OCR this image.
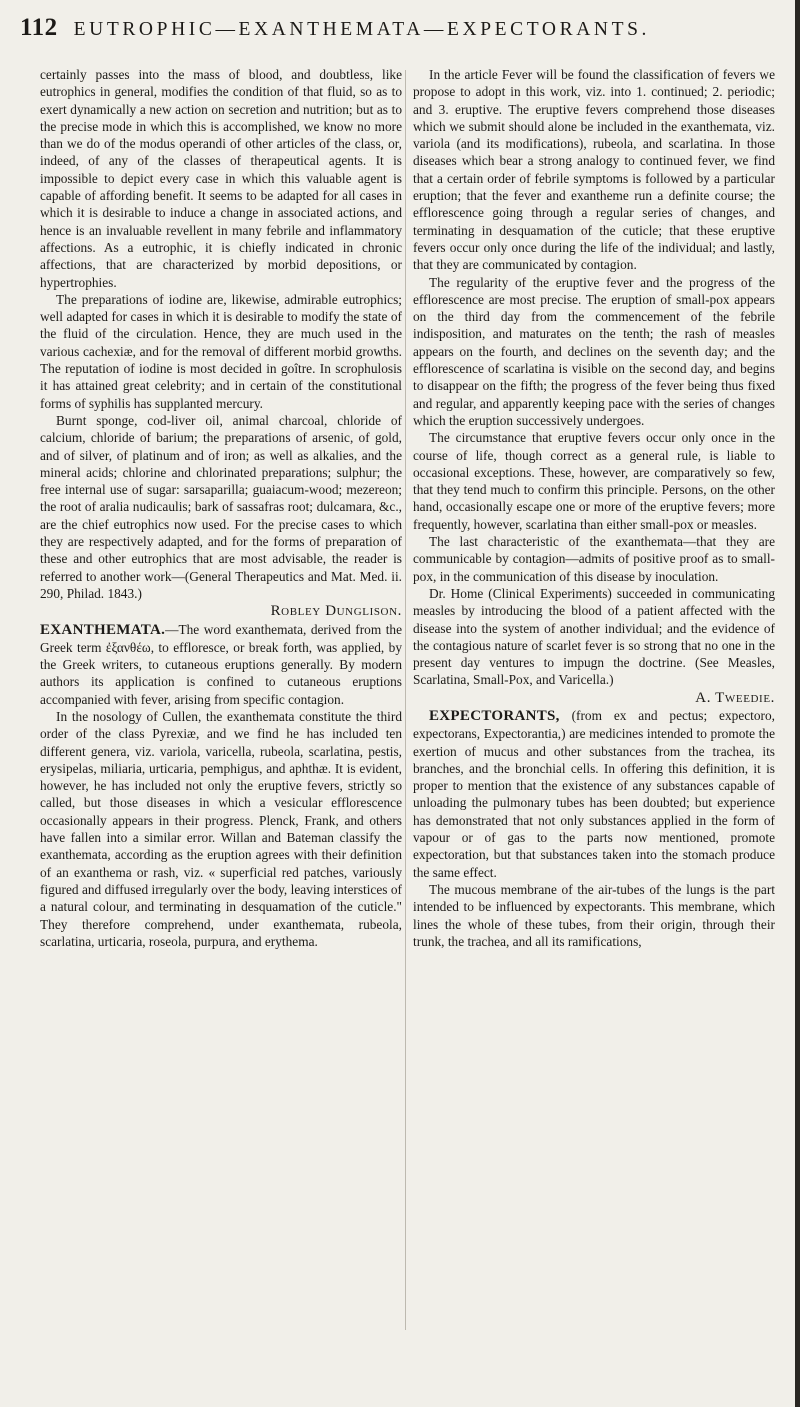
112 EUTROPHIC—EXANTHEMATA—EXPECTORANTS.

certainly passes into the mass of blood, and doubtless, like eutrophics in general, modifies the condition of that fluid, so as to exert dynamically a new action on secretion and nutrition; but as to the precise mode in which this is accomplished, we know no more than we do of the modus operandi of other articles of the class, or, indeed, of any of the classes of therapeutical agents. It is impossible to depict every case in which this valuable agent is capable of affording benefit. It seems to be adapted for all cases in which it is desirable to induce a change in associated actions, and hence is an invaluable revellent in many febrile and inflammatory affections. As a eutrophic, it is chiefly indicated in chronic affections, that are characterized by morbid depositions, or hypertrophies.

The preparations of iodine are, likewise, admirable eutrophics; well adapted for cases in which it is desirable to modify the state of the fluid of the circulation. Hence, they are much used in the various cachexiæ, and for the removal of different morbid growths. The reputation of iodine is most decided in goître. In scrophulosis it has attained great celebrity; and in certain of the constitutional forms of syphilis has supplanted mercury.

Burnt sponge, cod-liver oil, animal charcoal, chloride of calcium, chloride of barium; the preparations of arsenic, of gold, and of silver, of platinum and of iron; as well as alkalies, and the mineral acids; chlorine and chlorinated preparations; sulphur; the free internal use of sugar: sarsaparilla; guaiacum-wood; mezereon; the root of aralia nudicaulis; bark of sassafras root; dulcamara, &c., are the chief eutrophics now used. For the precise cases to which they are respectively adapted, and for the forms of preparation of these and other eutrophics that are most advisable, the reader is referred to another work—(General Therapeutics and Mat. Med. ii. 290, Philad. 1843.)

Robley Dunglison.

EXANTHEMATA.—The word exanthemata, derived from the Greek term ἐξανθέω, to effloresce, or break forth, was applied, by the Greek writers, to cutaneous eruptions generally. By modern authors its application is confined to cutaneous eruptions accompanied with fever, arising from specific contagion.

In the nosology of Cullen, the exanthemata constitute the third order of the class Pyrexiæ, and we find he has included ten different genera, viz. variola, varicella, rubeola, scarlatina, pestis, erysipelas, miliaria, urticaria, pemphigus, and aphthæ. It is evident, however, he has included not only the eruptive fevers, strictly so called, but those diseases in which a vesicular efflorescence occasionally appears in their progress. Plenck, Frank, and others have fallen into a similar error. Willan and Bateman classify the exanthemata, according as the eruption agrees with their definition of an exanthema or rash, viz. « superficial red patches, variously figured and diffused irregularly over the body, leaving interstices of a natural colour, and terminating in desquamation of the cuticle." They therefore comprehend, under exanthemata, rubeola, scarlatina, urticaria, roseola, purpura, and erythema.

In the article Fever will be found the classification of fevers we propose to adopt in this work, viz. into 1. continued; 2. periodic; and 3. eruptive. The eruptive fevers comprehend those diseases which we submit should alone be included in the exanthemata, viz. variola (and its modifications), rubeola, and scarlatina. In those diseases which bear a strong analogy to continued fever, we find that a certain order of febrile symptoms is followed by a particular eruption; that the fever and exantheme run a definite course; the efflorescence going through a regular series of changes, and terminating in desquamation of the cuticle; that these eruptive fevers occur only once during the life of the individual; and lastly, that they are communicated by contagion.

The regularity of the eruptive fever and the progress of the efflorescence are most precise. The eruption of small-pox appears on the third day from the commencement of the febrile indisposition, and maturates on the tenth; the rash of measles appears on the fourth, and declines on the seventh day; and the efflorescence of scarlatina is visible on the second day, and begins to disappear on the fifth; the progress of the fever being thus fixed and regular, and apparently keeping pace with the series of changes which the eruption successively undergoes.

The circumstance that eruptive fevers occur only once in the course of life, though correct as a general rule, is liable to occasional exceptions. These, however, are comparatively so few, that they tend much to confirm this principle. Persons, on the other hand, occasionally escape one or more of the eruptive fevers; more frequently, however, scarlatina than either small-pox or measles.

The last characteristic of the exanthemata—that they are communicable by contagion—admits of positive proof as to small-pox, in the communication of this disease by inoculation.

Dr. Home (Clinical Experiments) succeeded in communicating measles by introducing the blood of a patient affected with the disease into the system of another individual; and the evidence of the contagious nature of scarlet fever is so strong that no one in the present day ventures to impugn the doctrine. (See Measles, Scarlatina, Small-Pox, and Varicella.)

A. Tweedie.

EXPECTORANTS, (from ex and pectus; expectoro, expectorans, Expectorantia,) are medicines intended to promote the exertion of mucus and other substances from the trachea, its branches, and the bronchial cells. In offering this definition, it is proper to mention that the existence of any substances capable of unloading the pulmonary tubes has been doubted; but experience has demonstrated that not only substances applied in the form of vapour or of gas to the parts now mentioned, promote expectoration, but that substances taken into the stomach produce the same effect.

The mucous membrane of the air-tubes of the lungs is the part intended to be influenced by expectorants. This membrane, which lines the whole of these tubes, from their origin, through their trunk, the trachea, and all its ramifications,
